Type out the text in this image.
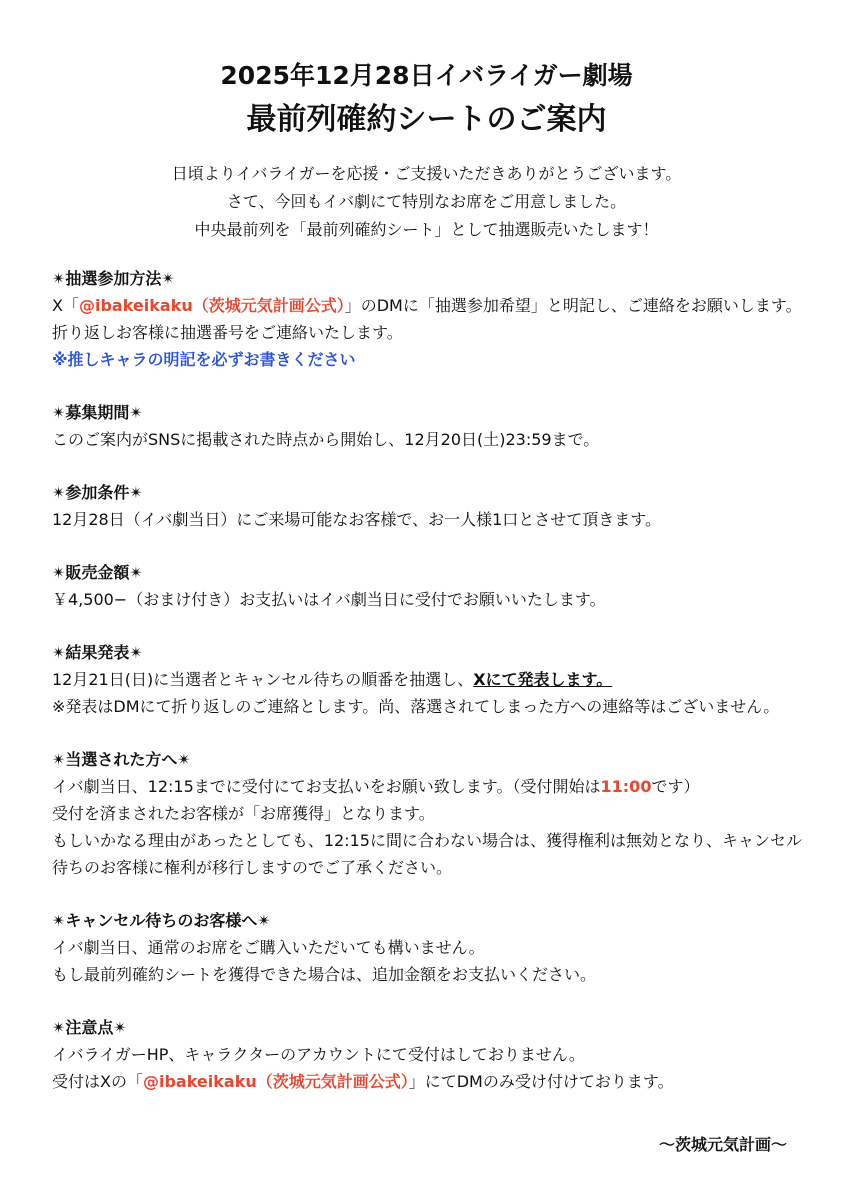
2025年12月28日イバライガー劇場
最前列確約シートのご案内
日頃よりイバライガーを応援・ご支援いただきありがとうございます。
さて、今回もイバ劇にて特別なお席をご用意しました。
中央最前列を「最前列確約シート」として抽選販売いたします！
✴抽選参加方法✴
X「@ibakeikaku（茨城元気計画公式）」のDMに「抽選参加希望」と明記し、ご連絡をお願いします。折り返しお客様に抽選番号をご連絡いたします。
※推しキャラの明記を必ずお書きください
✴募集期間✴
このご案内がSNSに掲載された時点から開始し、12月20日(土)23:59まで。
✴参加条件✴
12月28日（イバ劇当日）にご来場可能なお客様で、お一人様1口とさせて頂きます。
✴販売金額✴
￥4,500−（おまけ付き）お支払いはイバ劇当日に受付でお願いいたします。
✴結果発表✴
12月21日(日)に当選者とキャンセル待ちの順番を抽選し、Xにて発表します。
※発表はDMにて折り返しのご連絡とします。尚、落選されてしまった方への連絡等はございません。
✴当選された方へ✴
イバ劇当日、12:15までに受付にてお支払いをお願い致します。（受付開始は11:00です）
受付を済まされたお客様が「お席獲得」となります。
もしいかなる理由があったとしても、12:15に間に合わない場合は、獲得権利は無効となり、キャンセル待ちのお客様に権利が移行しますのでご了承ください。
✴キャンセル待ちのお客様へ✴
イバ劇当日、通常のお席をご購入いただいても構いません。
もし最前列確約シートを獲得できた場合は、追加金額をお支払いください。
✴注意点✴
イバライガーHP、キャラクターのアカウントにて受付はしておりません。
受付はXの「@ibakeikaku（茨城元気計画公式）」にてDMのみ受け付けております。
〜茨城元気計画〜
